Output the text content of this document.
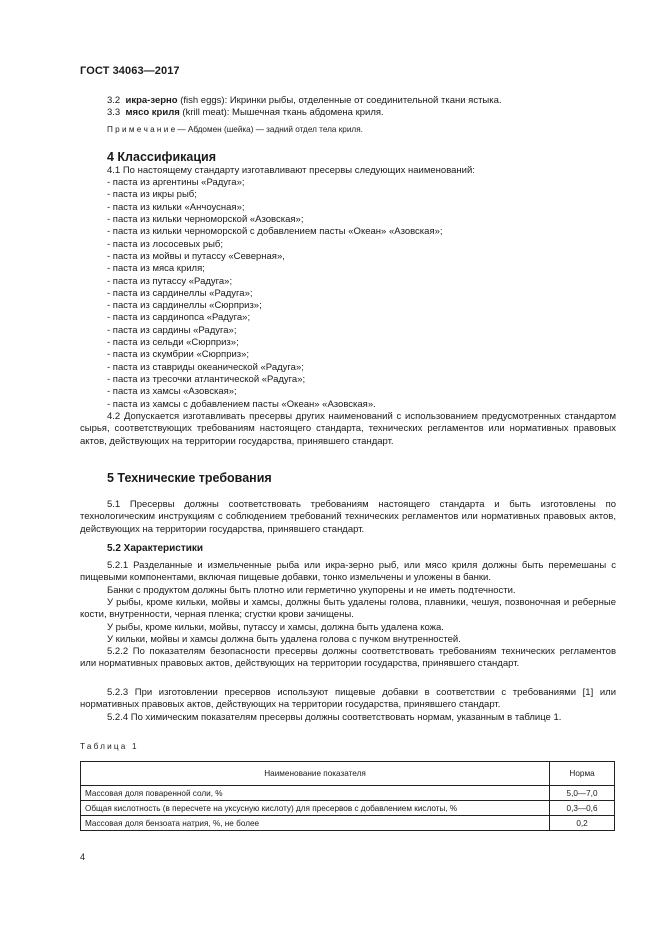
ГОСТ 34063—2017
3.2 икра-зерно (fish eggs): Икринки рыбы, отделенные от соединительной ткани ястыка.
3.3 мясо криля (krill meat): Мышечная ткань абдомена криля.
П р и м е ч а н и е — Абдомен (шейка) — задний отдел тела криля.
4 Классификация
4.1 По настоящему стандарту изготавливают пресервы следующих наименований:
- паста из аргентины «Радуга»;
- паста из икры рыб;
- паста из кильки «Анчоусная»;
- паста из кильки черноморской «Азовская»;
- паста из кильки черноморской с добавлением пасты «Океан» «Азовская»;
- паста из лососевых рыб;
- паста из мойвы и путассу «Северная»,
- паста из мяса криля;
- паста из путассу «Радуга»;
- паста из сардинеллы «Радуга»;
- паста из сардинеллы «Сюрприз»;
- паста из сардинопса «Радуга»;
- паста из сардины «Радуга»;
- паста из сельди «Сюрприз»;
- паста из скумбрии «Сюрприз»;
- паста из ставриды океанической «Радуга»;
- паста из тресочки атлантической «Радуга»;
- паста из хамсы «Азовская»;
- паста из хамсы с добавлением пасты «Океан» «Азовская».
4.2 Допускается изготавливать пресервы других наименований с использованием предусмотренных стандартом сырья, соответствующих требованиям настоящего стандарта, технических регламентов или нормативных правовых актов, действующих на территории государства, принявшего стандарт.
5 Технические требования
5.1 Пресервы должны соответствовать требованиям настоящего стандарта и быть изготовлены по технологическим инструкциям с соблюдением требований технических регламентов или нормативных правовых актов, действующих на территории государства, принявшего стандарт.
5.2 Характеристики
5.2.1 Разделанные и измельченные рыба или икра-зерно рыб, или мясо криля должны быть перемешаны с пищевыми компонентами, включая пищевые добавки, тонко измельчены и уложены в банки.
Банки с продуктом должны быть плотно или герметично укупорены и не иметь подтечности.
У рыбы, кроме кильки, мойвы и хамсы, должны быть удалены голова, плавники, чешуя, позвоночная и реберные кости, внутренности, черная пленка; сгустки крови зачищены.
У рыбы, кроме кильки, мойвы, путассу и хамсы, должна быть удалена кожа.
У кильки, мойвы и хамсы должна быть удалена голова с пучком внутренностей.
5.2.2 По показателям безопасности пресервы должны соответствовать требованиям технических регламентов или нормативных правовых актов, действующих на территории государства, принявшего стандарт.
5.2.3 При изготовлении пресервов используют пищевые добавки в соответствии с требованиями [1] или нормативных правовых актов, действующих на территории государства, принявшего стандарт.
5.2.4 По химическим показателям пресервы должны соответствовать нормам, указанным в таблице 1.
Таблица 1
Наименование показателя	Норма
Массовая доля поваренной соли, %	5,0—7,0
Общая кислотность (в пересчете на уксусную кислоту) для пресервов с добавлением кислоты, %	0,3—0,6
Массовая доля бензоата натрия, %, не более	0,2
4
